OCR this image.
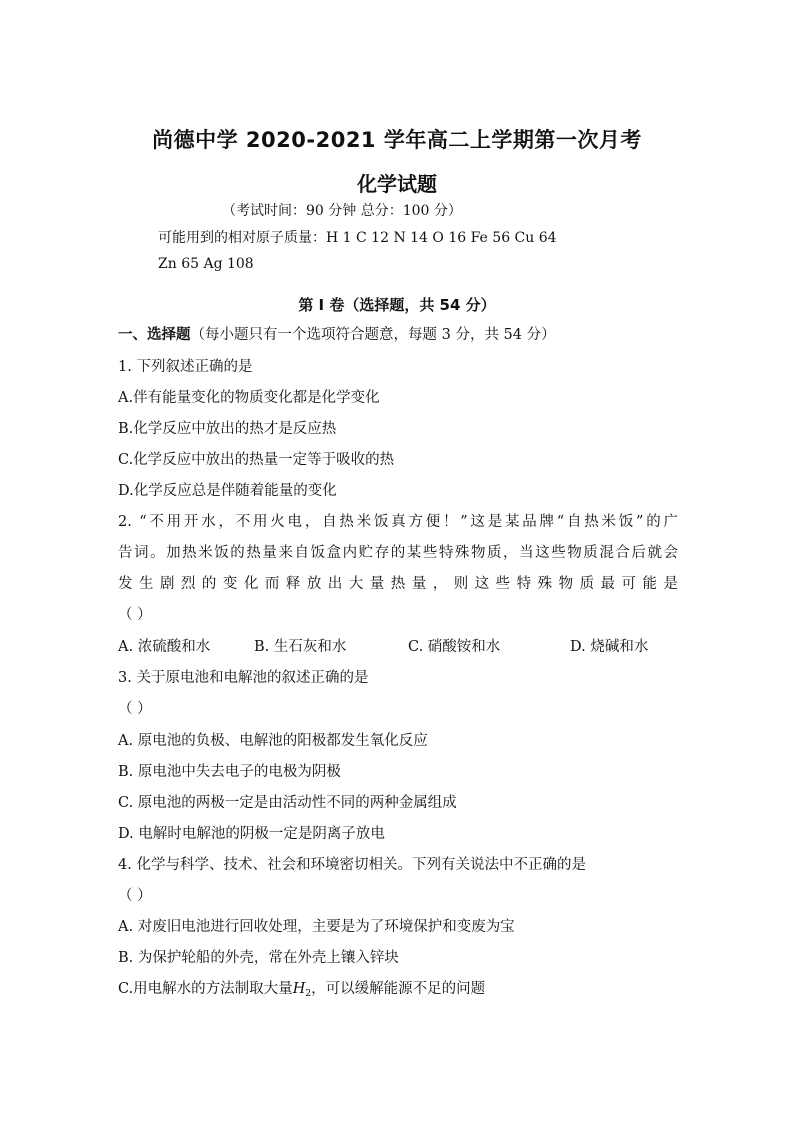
尚德中学 2020-2021 学年高二上学期第一次月考
化学试题
（考试时间：90 分钟 总分：100 分）
可能用到的相对原子质量：H 1 C 12 N 14 O 16 Fe 56 Cu 64
Zn 65 Ag 108
第 I 卷（选择题，共 54 分）
一、选择题（每小题只有一个选项符合题意，每题 3 分，共 54 分）
1. 下列叙述正确的是
A.伴有能量变化的物质变化都是化学变化
B.化学反应中放出的热才是反应热
C.化学反应中放出的热量一定等于吸收的热
D.化学反应总是伴随着能量的变化
2. “不用开水，不用火电，自热米饭真方便！”这是某品牌“自热米饭”的广
告词。加热米饭的热量来自饭盒内贮存的某些特殊物质，当这些物质混合后就会
发生剧烈的变化而释放出大量热量，则这些特殊物质最可能是
（ ）
A. 浓硫酸和水	B. 生石灰和水	C. 硝酸铵和水	D. 烧碱和水
3. 关于原电池和电解池的叙述正确的是
（ ）
A. 原电池的负极、电解池的阳极都发生氧化反应
B. 原电池中失去电子的电极为阴极
C. 原电池的两极一定是由活动性不同的两种金属组成
D. 电解时电解池的阴极一定是阴离子放电
4. 化学与科学、技术、社会和环境密切相关。下列有关说法中不正确的是
（ ）
A. 对废旧电池进行回收处理，主要是为了环境保护和变废为宝
B. 为保护轮船的外壳，常在外壳上镶入锌块
C.用电解水的方法制取大量$H_2$，可以缓解能源不足的问题
